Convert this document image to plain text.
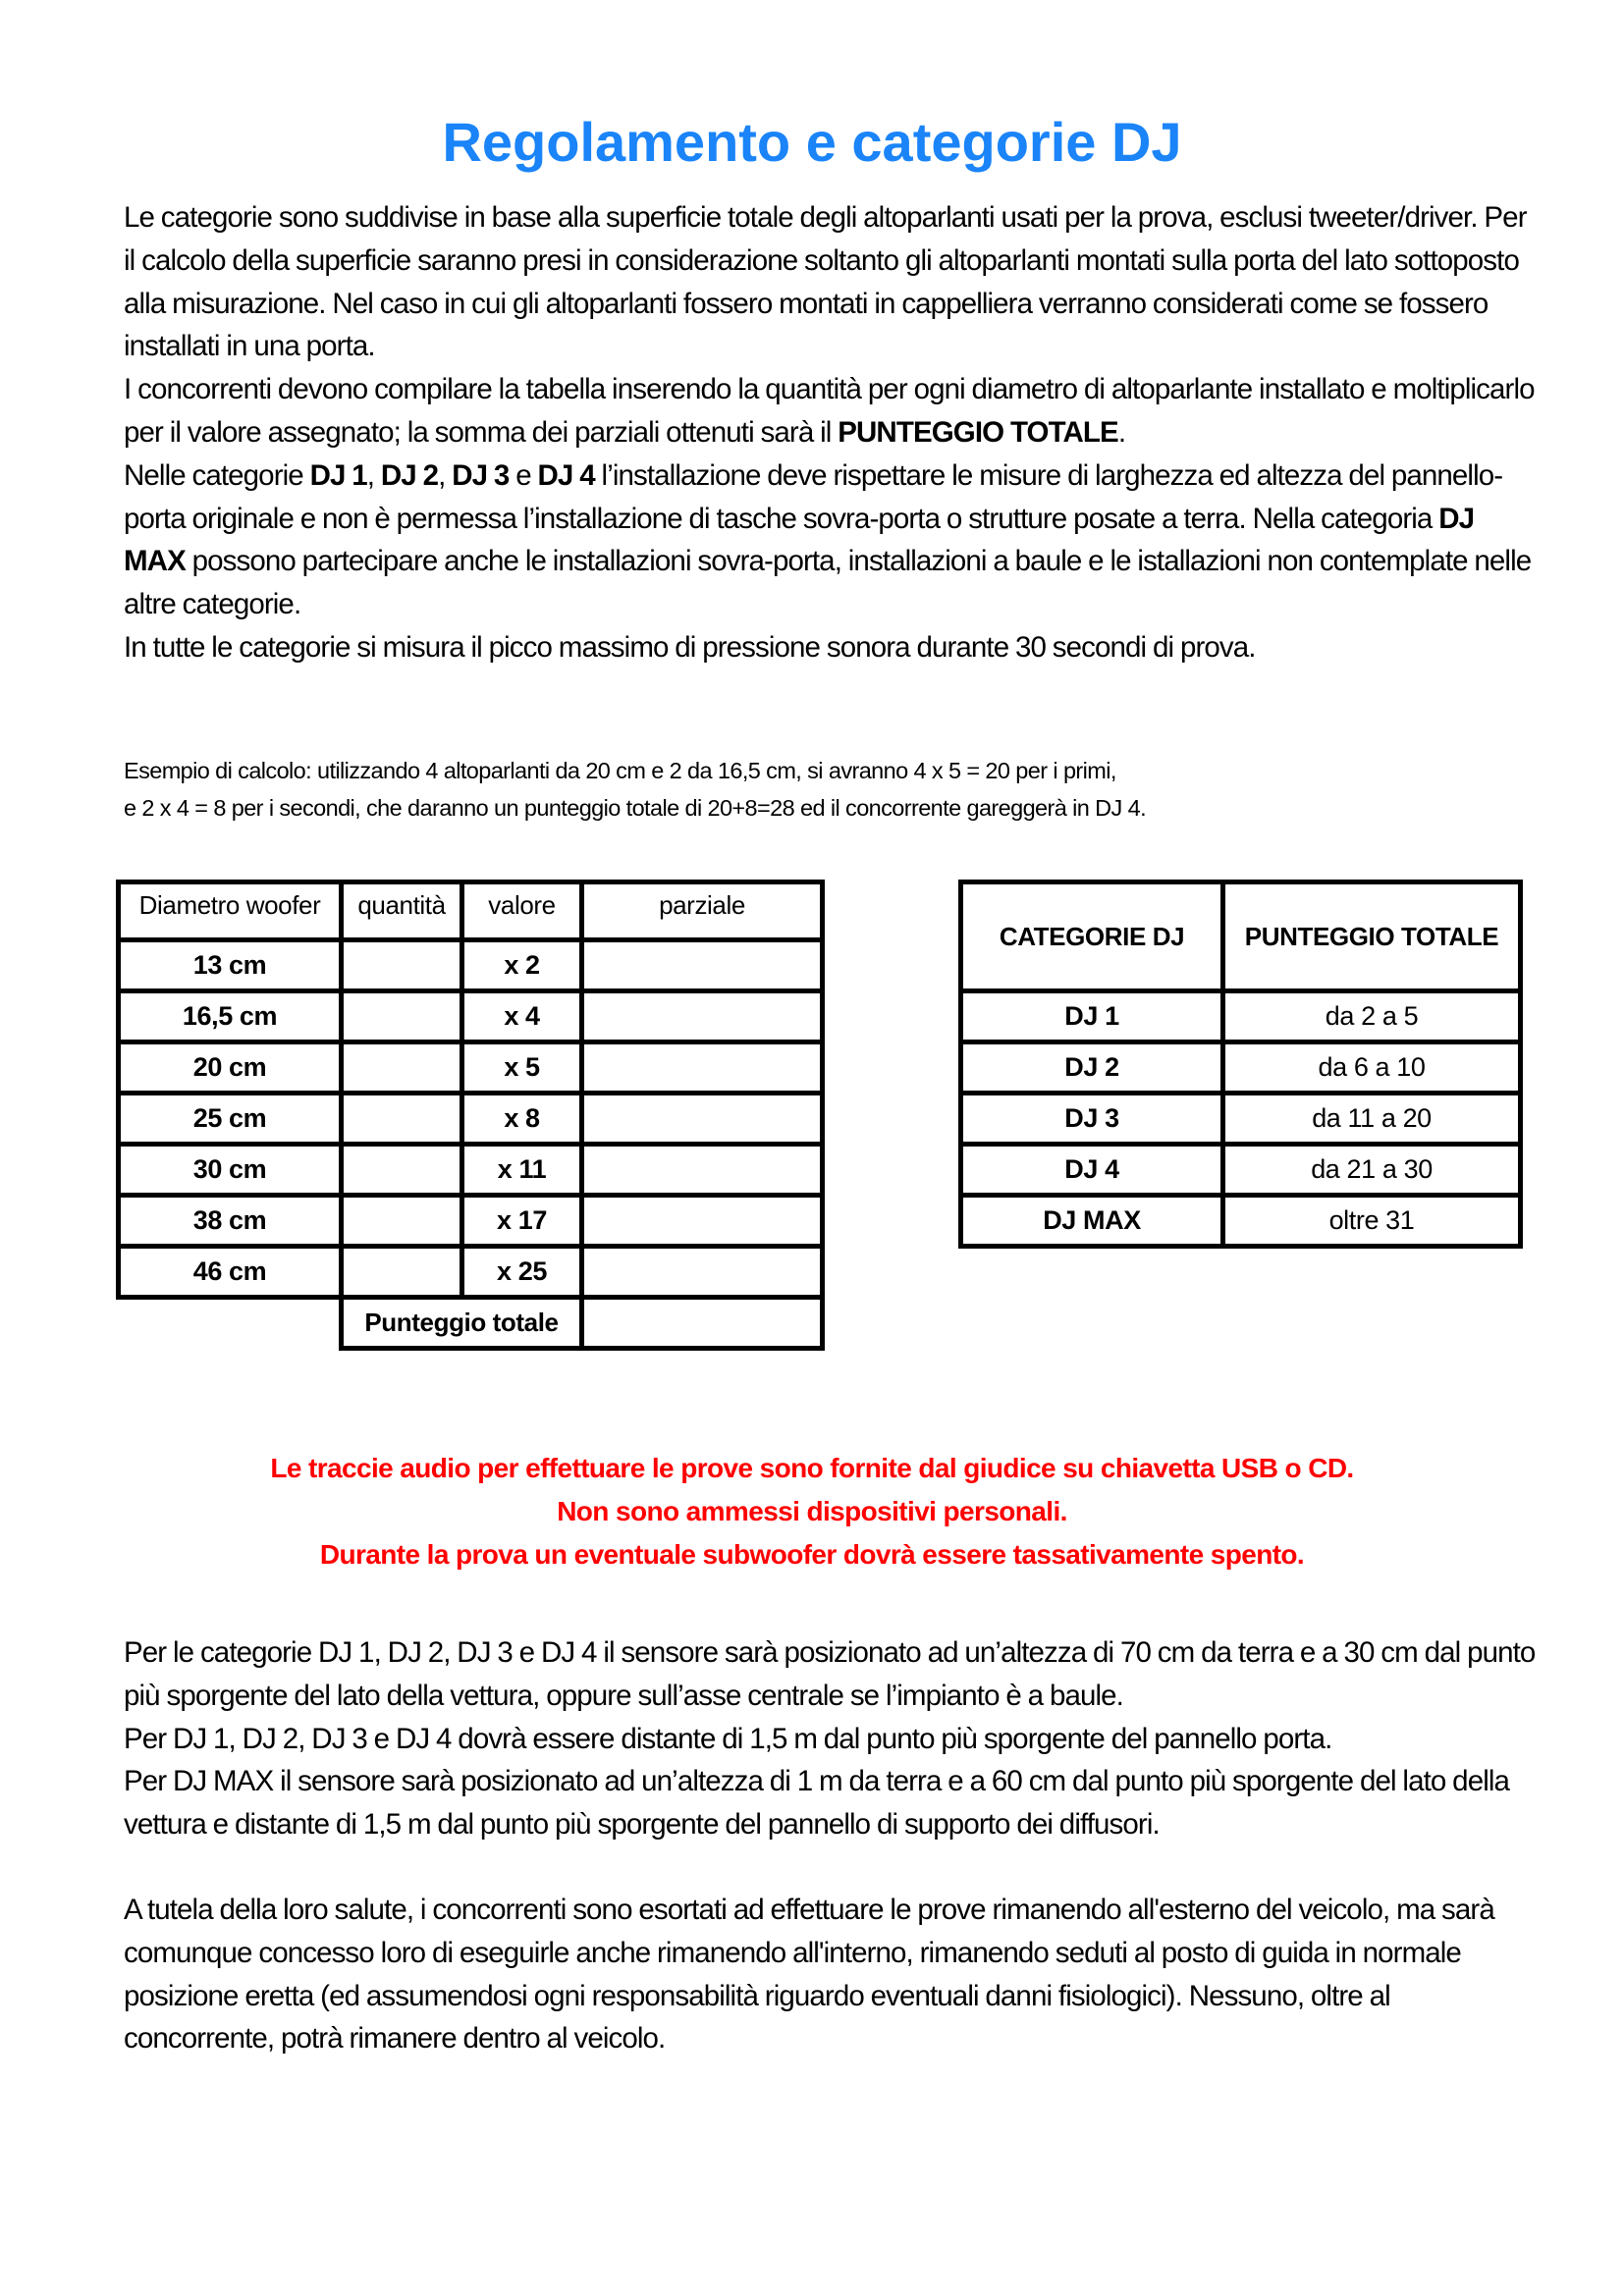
Regolamento e categorie DJ
Le categorie sono suddivise in base alla superficie totale degli altoparlanti usati per la prova, esclusi tweeter/driver. Per il calcolo della superficie saranno presi in considerazione soltanto gli altoparlanti montati sulla porta del lato sottoposto alla misurazione. Nel caso in cui gli altoparlanti fossero montati in cappelliera verranno considerati come se fossero installati in una porta.
I concorrenti devono compilare la tabella inserendo la quantità per ogni diametro di altoparlante installato e moltiplicarlo per il valore assegnato; la somma dei parziali ottenuti sarà il PUNTEGGIO TOTALE.
Nelle categorie DJ 1, DJ 2, DJ 3 e DJ 4 l’installazione deve rispettare le misure di larghezza ed altezza del pannello-porta originale e non è permessa l’installazione di tasche sovra-porta o strutture posate a terra. Nella categoria DJ MAX possono partecipare anche le installazioni sovra-porta, installazioni a baule e le istallazioni non contemplate nelle altre categorie.
In tutte le categorie si misura il picco massimo di pressione sonora durante 30 secondi di prova.
Esempio di calcolo: utilizzando 4 altoparlanti da 20 cm e 2 da 16,5 cm, si avranno 4 x 5 = 20 per i primi,
e 2 x 4 = 8 per i secondi, che daranno un punteggio totale di 20+8=28 ed il concorrente gareggerà in DJ 4.
Diametro woofer	quantità	valore	parziale
13 cm		x 2	
16,5 cm		x 4	
20 cm		x 5	
25 cm		x 8	
30 cm		x 11	
38 cm		x 17	
46 cm		x 25	
	Punteggio totale		
CATEGORIE DJ	PUNTEGGIO TOTALE
DJ 1	da 2 a 5
DJ 2	da 6 a 10
DJ 3	da 11 a 20
DJ 4	da 21 a 30
DJ MAX	oltre 31
Le traccie audio per effettuare le prove sono fornite dal giudice su chiavetta USB o CD.
Non sono ammessi dispositivi personali.
Durante la prova un eventuale subwoofer dovrà essere tassativamente spento.
Per le categorie DJ 1, DJ 2, DJ 3 e DJ 4 il sensore sarà posizionato ad un’altezza di 70 cm da terra e a 30 cm dal punto più sporgente del lato della vettura, oppure sull’asse centrale se l’impianto è a baule.
Per DJ 1, DJ 2, DJ 3 e DJ 4 dovrà essere distante di 1,5 m dal punto più sporgente del pannello porta.
Per DJ MAX il sensore sarà posizionato ad un’altezza di 1 m da terra e a 60 cm dal punto più sporgente del lato della vettura e distante di 1,5 m dal punto più sporgente del pannello di supporto dei diffusori.
A tutela della loro salute, i concorrenti sono esortati ad effettuare le prove rimanendo all'esterno del veicolo, ma sarà comunque concesso loro di eseguirle anche rimanendo all'interno, rimanendo seduti al posto di guida in normale posizione eretta (ed assumendosi ogni responsabilità riguardo eventuali danni fisiologici). Nessuno, oltre al concorrente, potrà rimanere dentro al veicolo.
